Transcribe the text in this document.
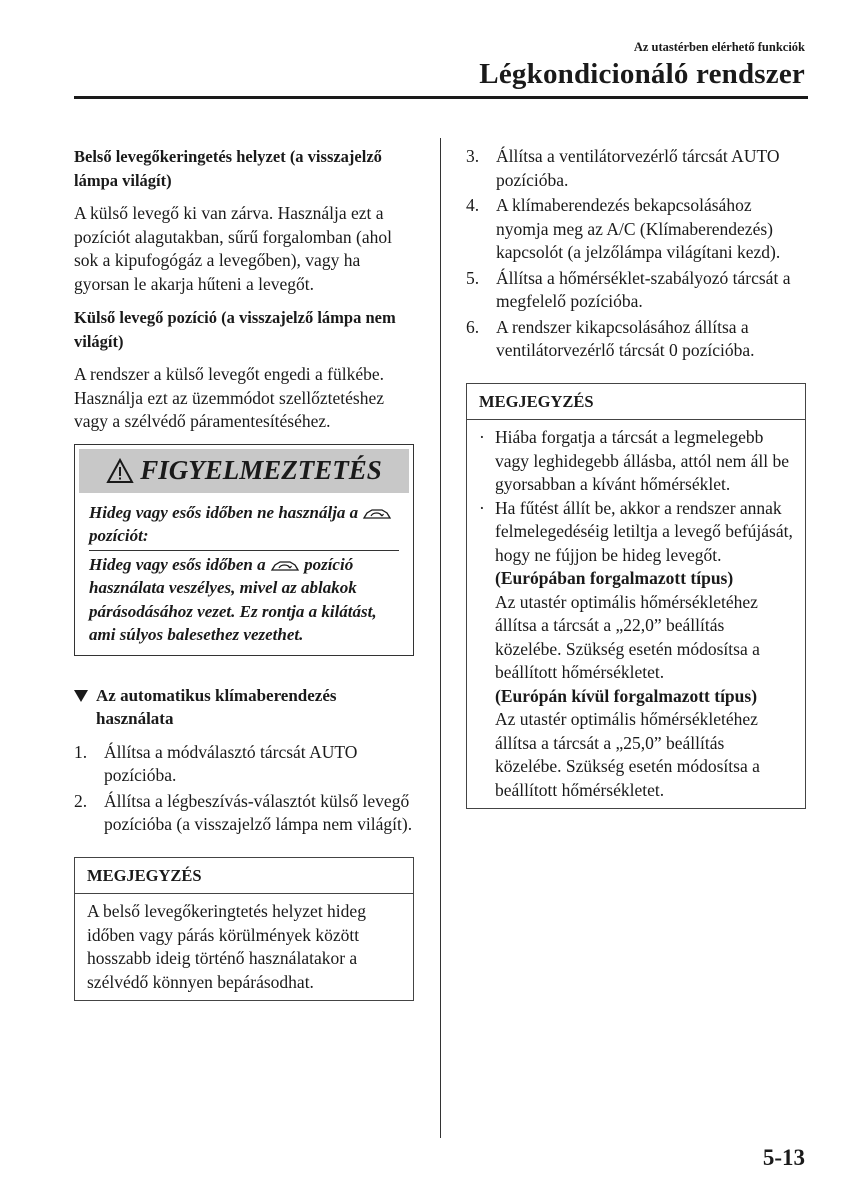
Az utastérben elérhető funkciók
Légkondicionáló rendszer

Belső levegőkeringetés helyzet (a visszajelző lámpa világít)

A külső levegő ki van zárva. Használja ezt a pozíciót alagutakban, sűrű forgalomban (ahol sok a kipufogógáz a levegőben), vagy ha gyorsan le akarja hűteni a levegőt.

Külső levegő pozíció (a visszajelző lámpa nem világít)

A rendszer a külső levegőt engedi a fülkébe. Használja ezt az üzemmódot szellőztetéshez vagy a szélvédő páramentesítéséhez.

FIGYELMEZTETÉS

Hideg vagy esős időben ne használja a  pozíciót:

Hideg vagy esős időben a pozíció használata veszélyes, mivel az ablakok párásodásához vezet. Ez rontja a kilátást, ami súlyos balesethez vezethet.

Az automatikus klímaberendezés használata
1. Állítsa a módválasztó tárcsát AUTO pozícióba.
2. Állítsa a légbeszívás-választót külső levegő pozícióba (a visszajelző lámpa nem világít).
MEGJEGYZÉS
A belső levegőkeringtetés helyzet hideg időben vagy párás körülmények között hosszabb ideig történő használatakor a szélvédő könnyen bepárásodhat.
3. Állítsa a ventilátorvezérlő tárcsát AUTO pozícióba.
4. A klímaberendezés bekapcsolásához nyomja meg az A/C (Klímaberendezés) kapcsolót (a jelzőlámpa világítani kezd).
5. Állítsa a hőmérséklet-szabályozó tárcsát a megfelelő pozícióba.
6. A rendszer kikapcsolásához állítsa a ventilátorvezérlő tárcsát 0 pozícióba.
MEGJEGYZÉS
· Hiába forgatja a tárcsát a legmelegebb vagy leghidegebb állásba, attól nem áll be gyorsabban a kívánt hőmérséklet.
· Ha fűtést állít be, akkor a rendszer annak felmelegedéséig letiltja a levegő befújását, hogy ne fújjon be hideg levegőt.

(Európában forgalmazott típus)

Az utastér optimális hőmérsékletéhez állítsa a tárcsát a „22,0” beállítás közelébe. Szükség esetén módosítsa a beállított hőmérsékletet.

(Európán kívül forgalmazott típus)

Az utastér optimális hőmérsékletéhez állítsa a tárcsát a „25,0” beállítás közelébe. Szükség esetén módosítsa a beállított hőmérsékletet.

5-13
